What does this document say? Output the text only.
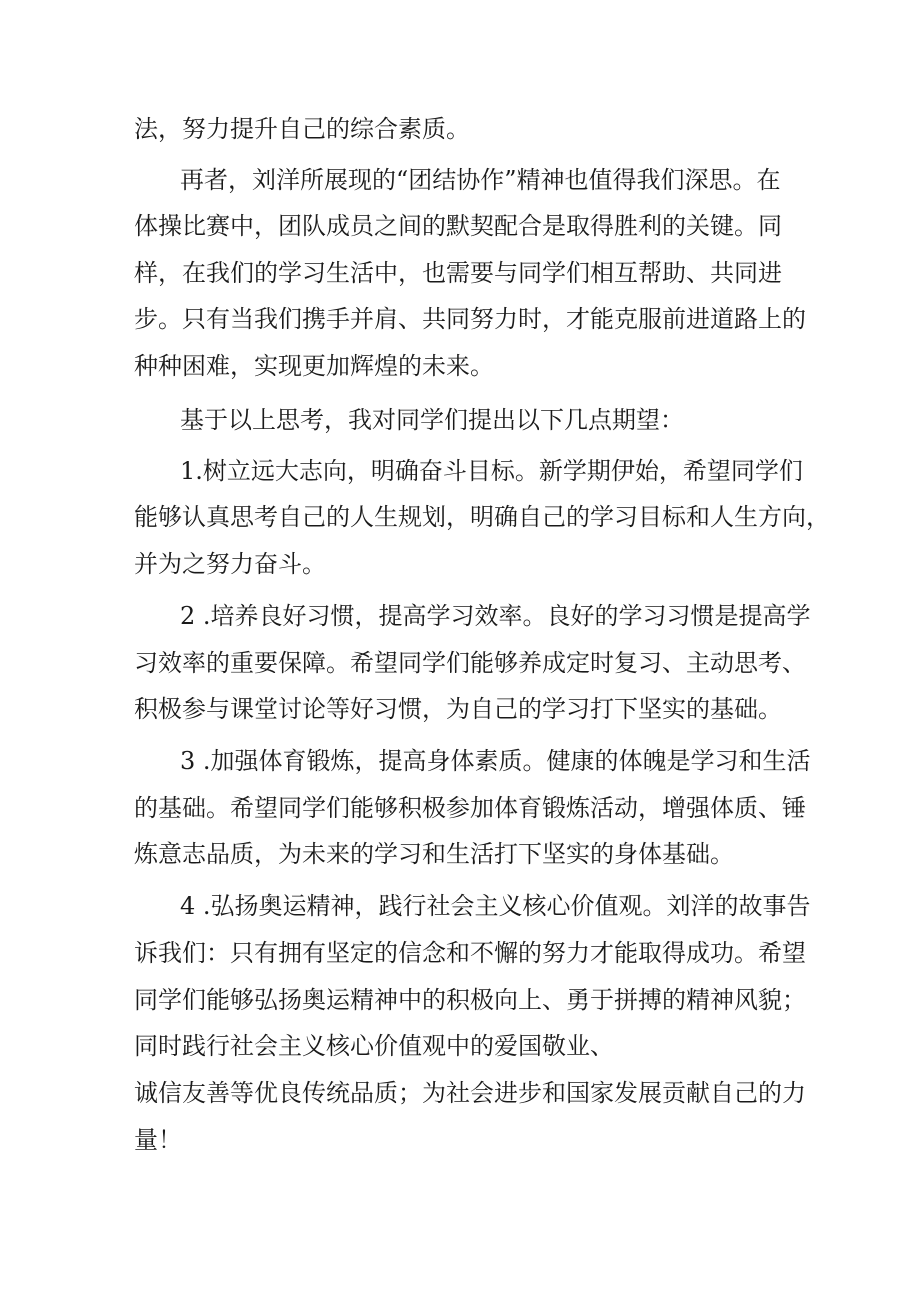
法，努力提升自己的综合素质。
再者，刘洋所展现的“团结协作”精神也值得我们深思。在
体操比赛中，团队成员之间的默契配合是取得胜利的关键。同
样，在我们的学习生活中，也需要与同学们相互帮助、共同进
步。只有当我们携手并肩、共同努力时，才能克服前进道路上的
种种困难，实现更加辉煌的未来。
基于以上思考，我对同学们提出以下几点期望：
1.树立远大志向，明确奋斗目标。新学期伊始，希望同学们
能够认真思考自己的人生规划，明确自己的学习目标和人生方向，
并为之努力奋斗。
2 .培养良好习惯，提高学习效率。良好的学习习惯是提高学
习效率的重要保障。希望同学们能够养成定时复习、主动思考、
积极参与课堂讨论等好习惯，为自己的学习打下坚实的基础。
3 .加强体育锻炼，提高身体素质。健康的体魄是学习和生活
的基础。希望同学们能够积极参加体育锻炼活动，增强体质、锤
炼意志品质，为未来的学习和生活打下坚实的身体基础。
4 .弘扬奥运精神，践行社会主义核心价值观。刘洋的故事告
诉我们：只有拥有坚定的信念和不懈的努力才能取得成功。希望
同学们能够弘扬奥运精神中的积极向上、勇于拼搏的精神风貌；
同时践行社会主义核心价值观中的爱国敬业、
诚信友善等优良传统品质；为社会进步和国家发展贡献自己的力
量！
